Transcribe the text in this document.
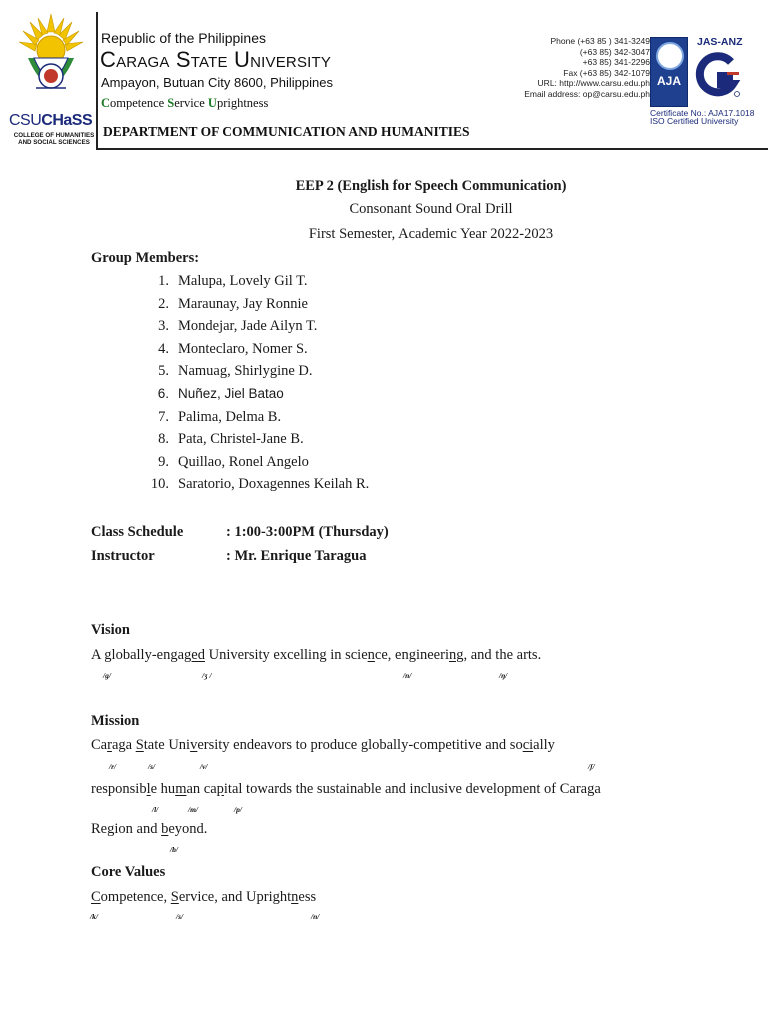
CSUCHaSS
COLLEGE OF HUMANITIES AND SOCIAL SCIENCES
Republic of the Philippines
Caraga State University
Ampayon, Butuan City 8600, Philippines
Competence Service Uprightness
DEPARTMENT OF COMMUNICATION AND HUMANITIES
Phone (+63 85 ) 341-3249
(+63 85) 342-3047
+63 85) 341-2296
Fax (+63 85) 342-1079
URL: http://www.carsu.edu.ph
Email address: op@carsu.edu.ph
AJA
JAS-ANZ
Certificate No.: AJA17.1018
ISO Certified University
EEP 2 (English for Speech Communication)
Consonant Sound Oral Drill
First Semester, Academic Year 2022-2023
Group Members:
1. Malupa, Lovely Gil T.
2. Maraunay, Jay Ronnie
3. Mondejar, Jade Ailyn T.
4. Monteclaro, Nomer S.
5. Namuag, Shirlygine D.
6. Nuñez, Jiel Batao
7. Palima, Delma B.
8. Pata, Christel-Jane B.
9. Quillao, Ronel Angelo
10. Saratorio, Doxagennes Keilah R.
Class Schedule	: 1:00-3:00PM (Thursday)
Instructor	: Mr. Enrique Taragua
Vision
A globally-engaged University excelling in science, engineering, and the arts.
/g/	/ʒ /	/n/	/ŋ/
Mission
Caraga State University endeavors to produce globally-competitive and socially
/r/	/s/	/v/	/ʃ/
responsible human capital towards the sustainable and inclusive development of Caraga
/l/	/m/	/p/
Region and beyond.
/b/
Core Values
Competence, Service, and Uprightness
/k/	/s/	/n/
